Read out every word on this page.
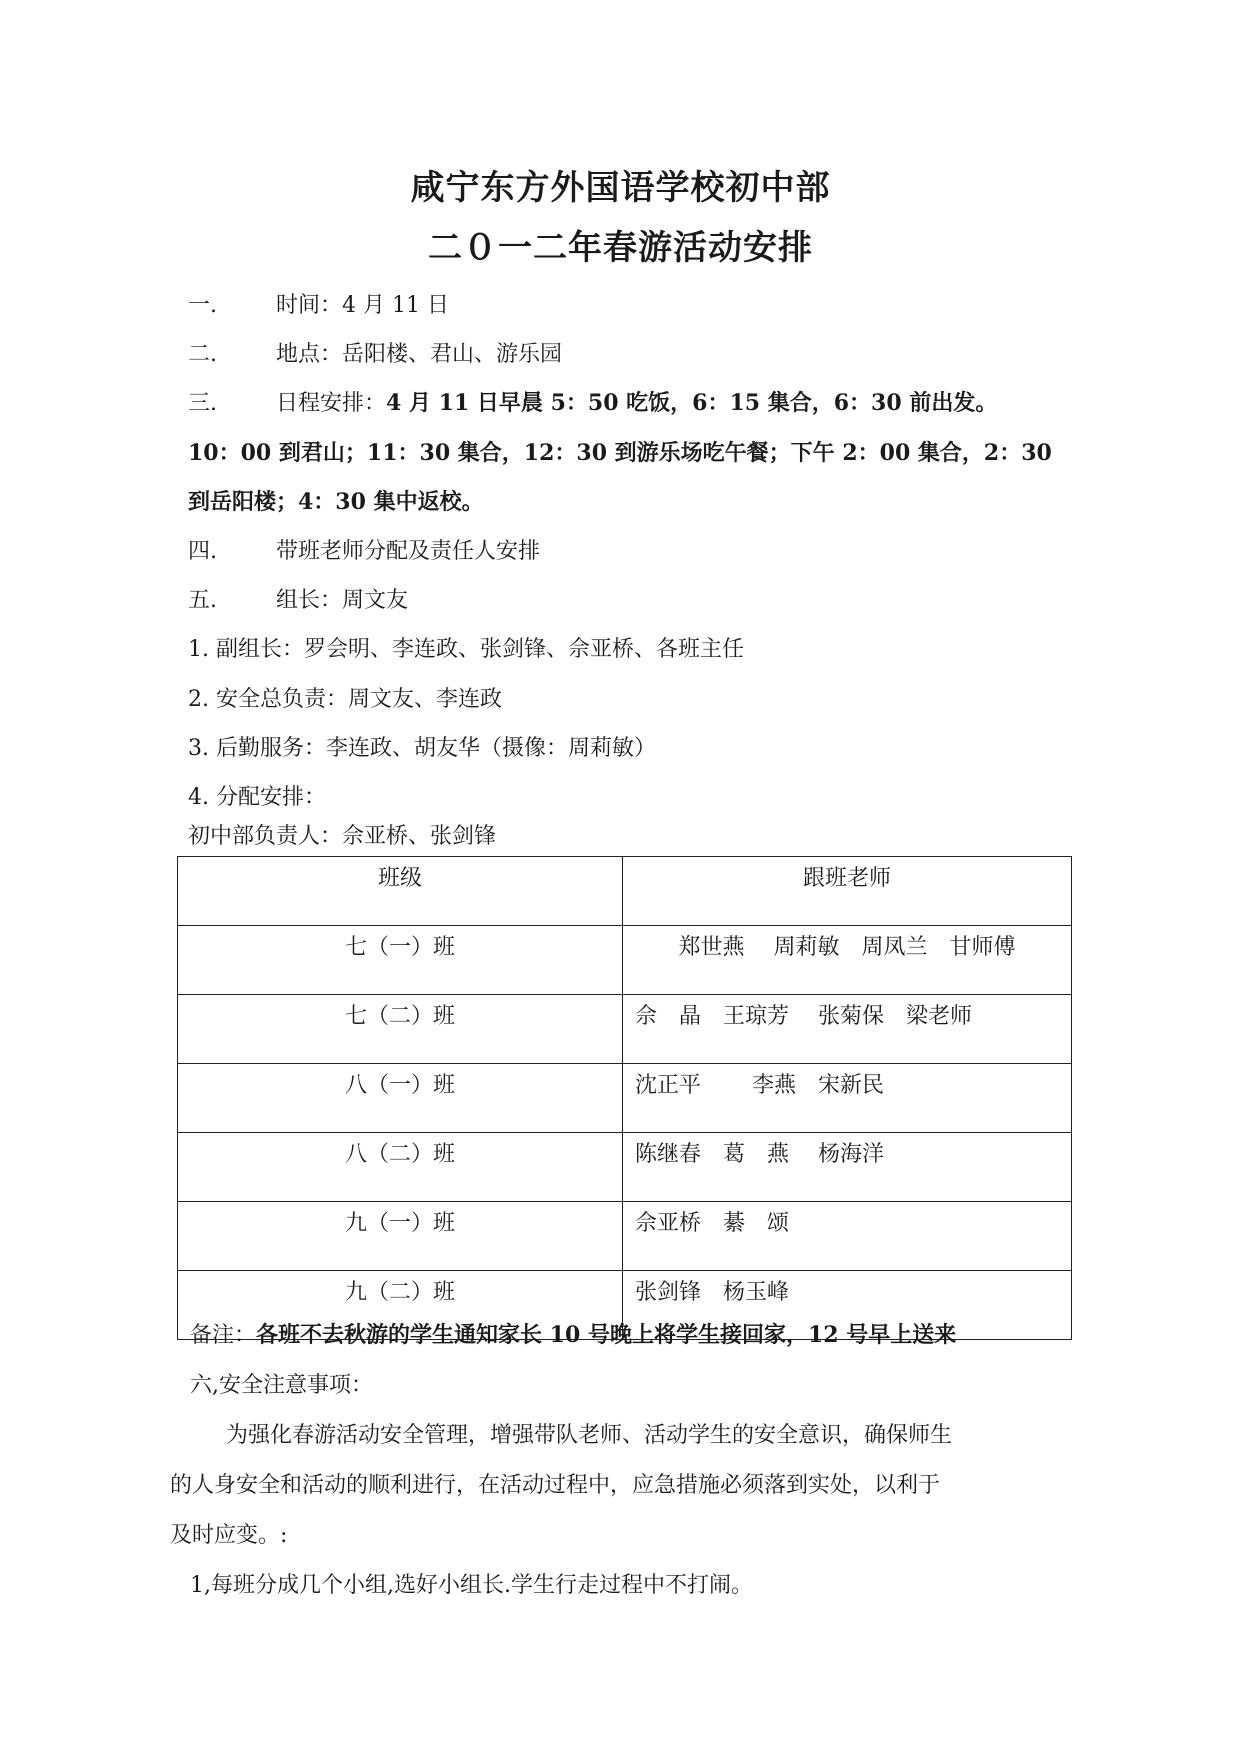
咸宁东方外国语学校初中部
二０一二年春游活动安排
一.	时间：4 月 11 日
二.	地点：岳阳楼、君山、游乐园
三.	日程安排：4 月 11 日早晨 5：50 吃饭，6：15 集合，6：30 前出发。
10：00 到君山；11：30 集合，12：30 到游乐场吃午餐；下午 2：00 集合，2：30
到岳阳楼；4：30 集中返校。
四.	带班老师分配及责任人安排
五.	组长：周文友
1. 副组长：罗会明、李连政、张剑锋、佘亚桥、各班主任
2. 安全总负责：周文友、李连政
3. 后勤服务：李连政、胡友华（摄像：周莉敏）
4. 分配安排：
初中部负责人：佘亚桥、张剑锋
班级	跟班老师
七（一）班	郑世燕　 周莉敏　周凤兰　甘师傅
七（二）班	佘　晶　王琼芳　 张菊保　梁老师
八（一）班	沈正平　　 李燕　宋新民
八（二）班	陈继春　葛　燕　 杨海洋
九（一）班	佘亚桥　綦　颂
九（二）班	张剑锋　杨玉峰
备注：各班不去秋游的学生通知家长 10 号晚上将学生接回家，12 号早上送来
六,安全注意事项：
为强化春游活动安全管理，增强带队老师、活动学生的安全意识，确保师生
的人身安全和活动的顺利进行，在活动过程中，应急措施必须落到实处，以利于
及时应变。:
1,每班分成几个小组,选好小组长.学生行走过程中不打闹。
